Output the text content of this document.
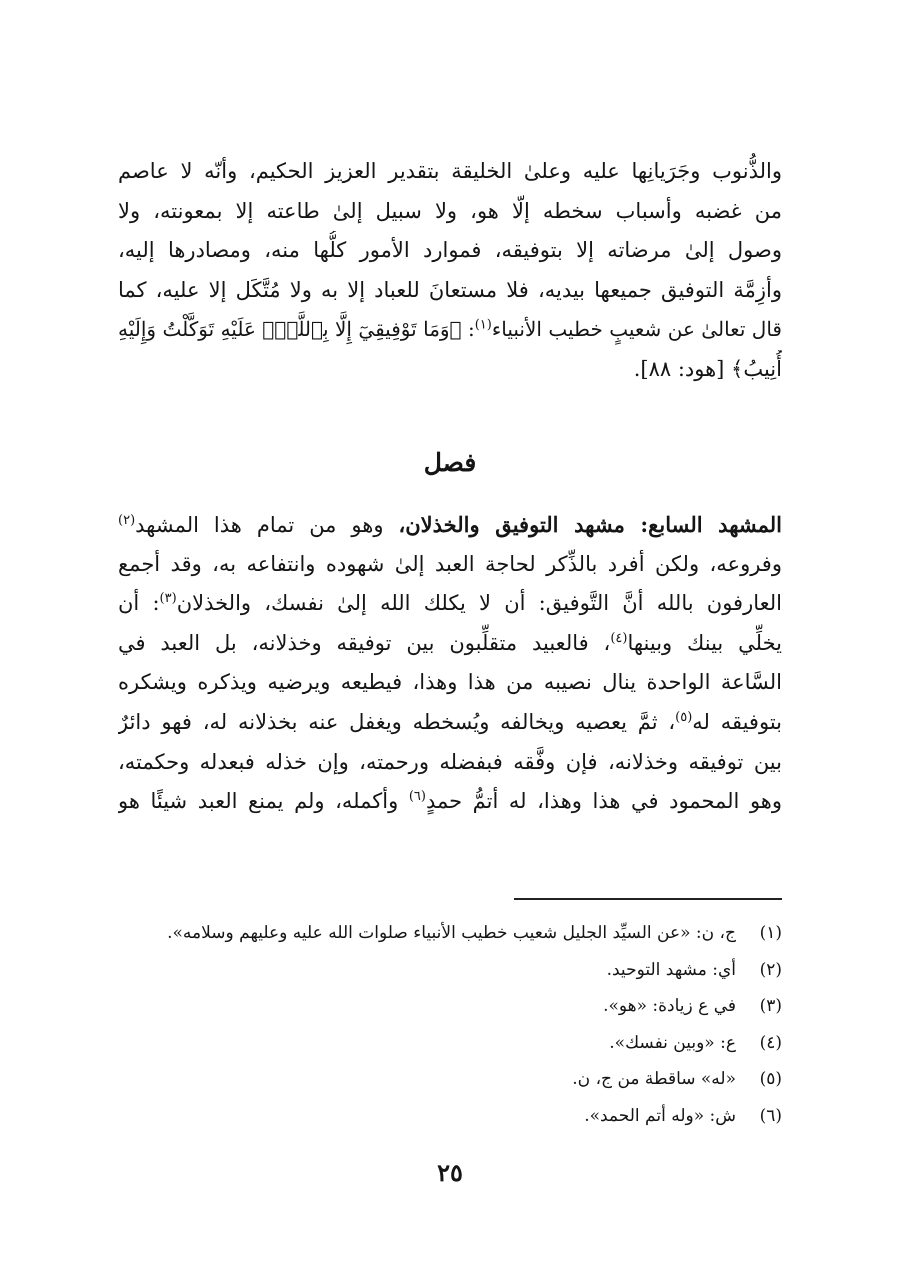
والذُّنوب وجَرَيانِها عليه وعلىٰ الخليقة بتقدير العزيز الحكيم، وأنّه لا عاصم
من غضبه وأسباب سخطه إلّا هو، ولا سبيل إلىٰ طاعته إلا بمعونته، ولا
وصول إلىٰ مرضاته إلا بتوفيقه، فموارد الأمور كلُّها منه، ومصادرها إليه،
وأزِمَّة التوفيق جميعها بيديه، فلا مستعانَ للعباد إلا به ولا مُتَّكَل إلا عليه، كما
قال تعالىٰ عن شعيبٍ خطيب الأنبياء$^{(١)}$: ﴿وَمَا تَوْفِيقِيٓ إِلَّا بِٱللَّهِۚ عَلَيْهِ تَوَكَّلْتُ وَإِلَيْهِ
أُنِيبُ﴾ [هود: ٨٨].
فصل
المشهد السابع: مشهد التوفيق والخذلان، وهو من تمام هذا المشهد$^{(٢)}$
وفروعه، ولكن أفرد بالذِّكر لحاجة العبد إلىٰ شهوده وانتفاعه به، وقد أجمع
العارفون بالله أنَّ التَّوفيق: أن لا يكلك الله إلىٰ نفسك، والخذلان$^{(٣)}$: أن
يخلِّي بينك وبينها$^{(٤)}$، فالعبيد متقلِّبون بين توفيقه وخذلانه، بل العبد في
السَّاعة الواحدة ينال نصيبه من هذا وهذا، فيطيعه ويرضيه ويذكره ويشكره
بتوفيقه له$^{(٥)}$، ثمَّ يعصيه ويخالفه ويُسخطه ويغفل عنه بخذلانه له، فهو دائرٌ
بين توفيقه وخذلانه، فإن وفَّقه فبفضله ورحمته، وإن خذله فبعدله وحكمته،
وهو المحمود في هذا وهذا، له أتمُّ حمدٍ$^{(٦)}$ وأكمله، ولم يمنع العبد شيئًا هو
(١)ج، ن: «عن السيِّد الجليل شعيب خطيب الأنبياء صلوات الله عليه وعليهم وسلامه».
(٢)أي: مشهد التوحيد.
(٣)في ع زيادة: «هو».
(٤)ع: «وبين نفسك».
(٥)«له» ساقطة من ج، ن.
(٦)ش: «وله أتم الحمد».
٢٥
